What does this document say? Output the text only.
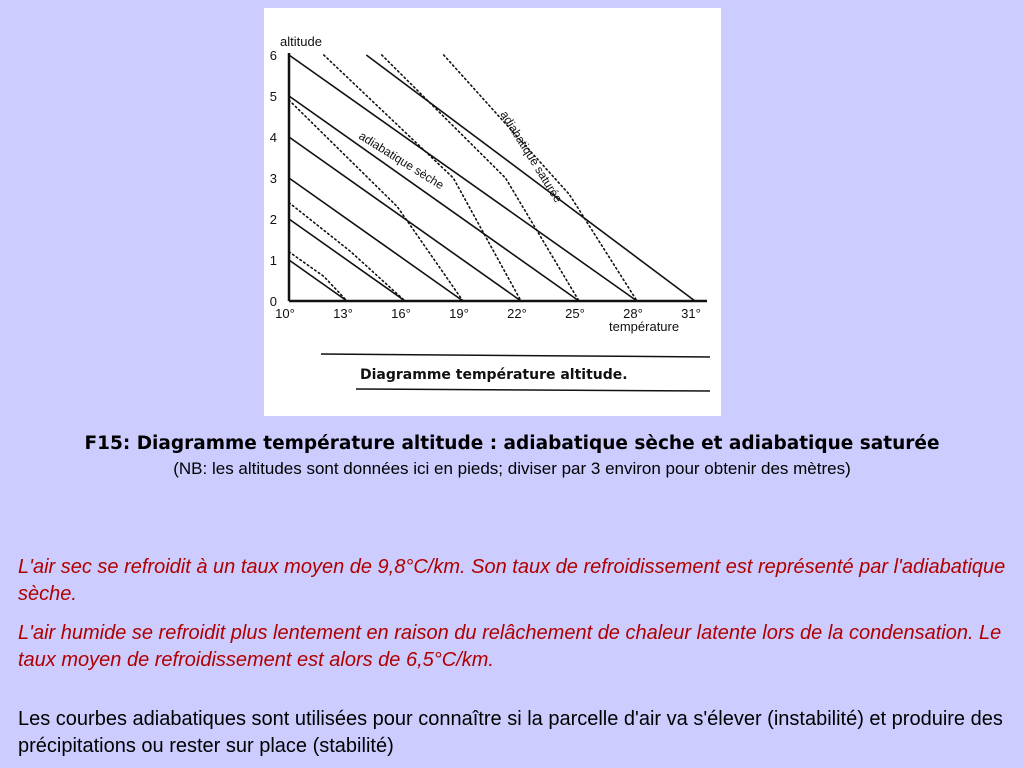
0
1
2
3
4
5
6
10°	13°	16°	19°	22°	25°	28°	31°
altitude
température
adiabatique sèche	adiabatique saturée
Diagramme température altitude.
F15: Diagramme température altitude : adiabatique sèche et adiabatique saturée
(NB: les altitudes sont données ici en pieds; diviser par 3 environ pour obtenir des mètres)
L'air sec se refroidit à un taux moyen de 9,8°C/km. Son taux de refroidissement est représenté par l'adiabatique sèche.
L'air humide se refroidit plus lentement en raison du relâchement de chaleur latente lors de la condensation. Le taux moyen de refroidissement est alors de 6,5°C/km.
Les courbes adiabatiques sont utilisées pour connaître si la parcelle d'air va s'élever (instabilité) et produire des précipitations ou rester sur place (stabilité)
